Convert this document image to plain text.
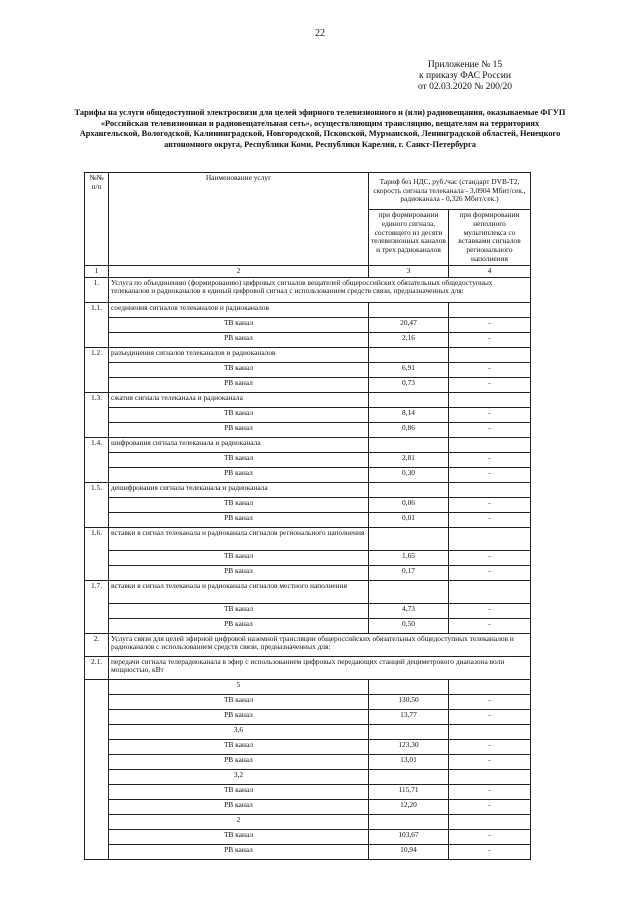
22
Приложение № 15
к приказу ФАС России
от 02.03.2020 № 200/20
Тарифы на услуги общедоступной электросвязи для целей эфирного телевизионного и (или) радиовещания, оказываемые ФГУП «Российская телевизионная и радиовещательная сеть», осуществляющим трансляцию, вещателям на территориях Архангельской, Вологодской, Калининградской, Новгородской, Псковской, Мурманской, Ленинградской областей, Ненецкого автономного округа, Республики Коми, Республики Карелия, г. Санкт-Петербурга
№№ п/п	Наименование услуг	Тариф без НДС, руб./час (стандарт DVB-T2, скорость сигнала телеканала - 3,0904 Мбит/сек., радиоканала - 0,326 Мбит/сек.)	
		при формировании единого сигнала, состоящего из десяти телевизионных каналов и трех радиоканалов	при формировании неполного мультиплекса со вставками сигналов регионального наполнения
1	2	3	4
1.	Услуга по объединению (формированию) цифровых сигналов вещателей общероссийских обязательных общедоступных телеканалов и радиоканалов в единый цифровой сигнал с использованием средств связи, предназначенных для:		
1.1.	соединения сигналов телеканалов и радиоканалов		
	ТВ канал	20,47	-
	РВ канал	2,16	-
1.2.	разъединения сигналов телеканалов и радиоканалов		
	ТВ канал	6,91	-
	РВ канал	0,73	-
1.3.	сжатия сигнала телеканала и радиоканала		
	ТВ канал	8,14	-
	РВ канал	0,86	-
1.4.	шифрования сигнала телеканала и радиоканала		
	ТВ канал	2,81	-
	РВ канал	0,30	-
1.5.	дешифрования сигнала телеканала и радиоканала		
	ТВ канал	0,06	-
	РВ канал	0,01	-
1.6.	вставки в сигнал телеканала и радиоканала сигналов регионального наполнения		
	ТВ канал	1,65	-
	РВ канал	0,17	-
1.7.	вставки в сигнал телеканала и радиоканала сигналов местного наполнения		
	ТВ канал	4,73	-
	РВ канал	0,50	-
2.	Услуга связи для целей эфирной цифровой наземной трансляции общероссийских обязательных общедоступных телеканалов и радиоканалов с использованием средств связи, предназначенных для:		
2.1.	передачи сигнала телерадиоканала в эфир с использованием цифровых передающих станций дециметрового диапазона волн мощностью, кВт		
	5		
	ТВ канал	130,50	-
	РВ канал	13,77	-
	3,6		
	ТВ канал	123,30	-
	РВ канал	13,01	-
	3,2		
	ТВ канал	115,71	-
	РВ канал	12,20	-
	2		
	ТВ канал	103,67	-
	РВ канал	10,94	-
